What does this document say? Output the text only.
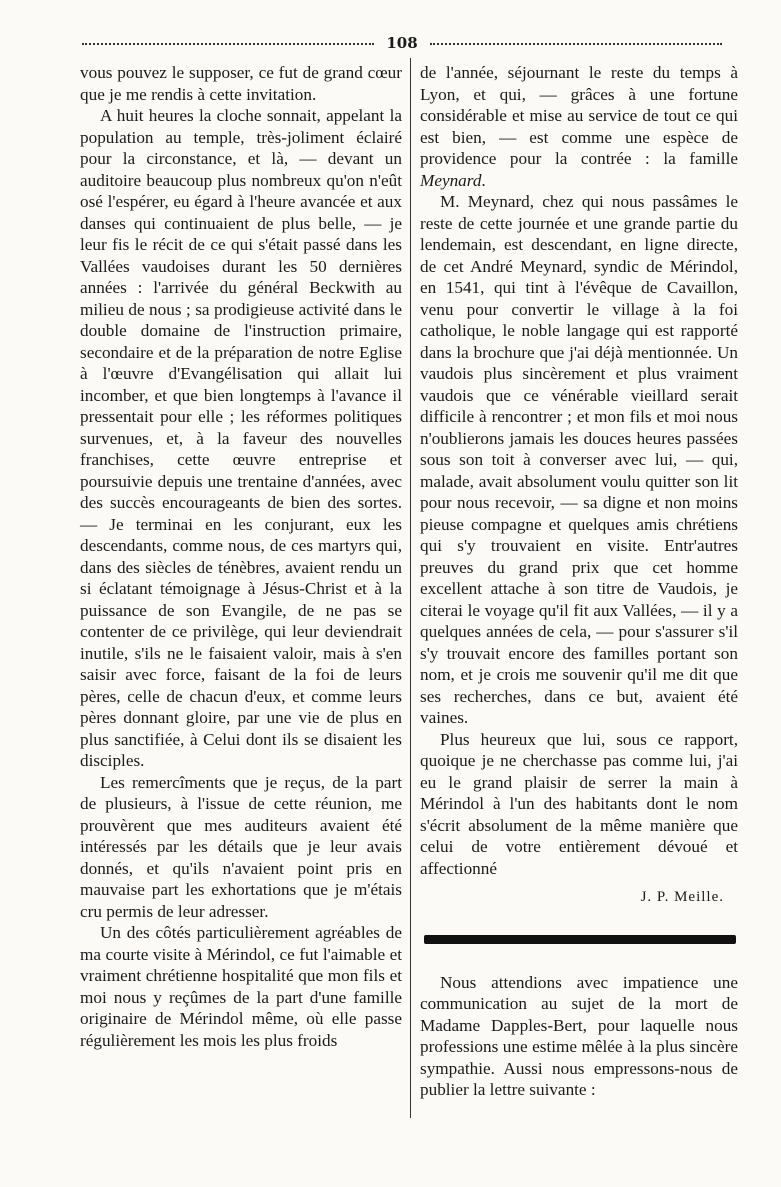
108

vous pouvez le supposer, ce fut de grand cœur que je me rendis à cette invitation.

A huit heures la cloche sonnait, appelant la population au temple, très-joliment éclairé pour la circonstance, et là, — devant un auditoire beaucoup plus nombreux qu'on n'eût osé l'espérer, eu égard à l'heure avancée et aux danses qui continuaient de plus belle, — je leur fis le récit de ce qui s'était passé dans les Vallées vaudoises durant les 50 dernières années : l'arrivée du général Beckwith au milieu de nous ; sa prodigieuse activité dans le double domaine de l'instruction primaire, secondaire et de la préparation de notre Eglise à l'œuvre d'Evangélisation qui allait lui incomber, et que bien longtemps à l'avance il pressentait pour elle ; les réformes politiques survenues, et, à la faveur des nouvelles franchises, cette œuvre entreprise et poursuivie depuis une trentaine d'années, avec des succès encourageants de bien des sortes. — Je terminai en les conjurant, eux les descendants, comme nous, de ces martyrs qui, dans des siècles de ténèbres, avaient rendu un si éclatant témoignage à Jésus-Christ et à la puissance de son Evangile, de ne pas se contenter de ce privilège, qui leur deviendrait inutile, s'ils ne le faisaient valoir, mais à s'en saisir avec force, faisant de la foi de leurs pères, celle de chacun d'eux, et comme leurs pères donnant gloire, par une vie de plus en plus sanctifiée, à Celui dont ils se disaient les disciples.

Les remercîments que je reçus, de la part de plusieurs, à l'issue de cette réunion, me prouvèrent que mes auditeurs avaient été intéressés par les détails que je leur avais donnés, et qu'ils n'avaient point pris en mauvaise part les exhortations que je m'étais cru permis de leur adresser.

Un des côtés particulièrement agréables de ma courte visite à Mérindol, ce fut l'aimable et vraiment chrétienne hospitalité que mon fils et moi nous y reçûmes de la part d'une famille originaire de Mérindol même, où elle passe régulièrement les mois les plus froids

de l'année, séjournant le reste du temps à Lyon, et qui, — grâces à une fortune considérable et mise au service de tout ce qui est bien, — est comme une espèce de providence pour la contrée : la famille Meynard.

M. Meynard, chez qui nous passâmes le reste de cette journée et une grande partie du lendemain, est descendant, en ligne directe, de cet André Meynard, syndic de Mérindol, en 1541, qui tint à l'évêque de Cavaillon, venu pour convertir le village à la foi catholique, le noble langage qui est rapporté dans la brochure que j'ai déjà mentionnée. Un vaudois plus sincèrement et plus vraiment vaudois que ce vénérable vieillard serait difficile à rencontrer ; et mon fils et moi nous n'oublierons jamais les douces heures passées sous son toit à converser avec lui, — qui, malade, avait absolument voulu quitter son lit pour nous recevoir, — sa digne et non moins pieuse compagne et quelques amis chrétiens qui s'y trouvaient en visite. Entr'autres preuves du grand prix que cet homme excellent attache à son titre de Vaudois, je citerai le voyage qu'il fit aux Vallées, — il y a quelques années de cela, — pour s'assurer s'il s'y trouvait encore des familles portant son nom, et je crois me souvenir qu'il me dit que ses recherches, dans ce but, avaient été vaines.

Plus heureux que lui, sous ce rapport, quoique je ne cherchasse pas comme lui, j'ai eu le grand plaisir de serrer la main à Mérindol à l'un des habitants dont le nom s'écrit absolument de la même manière que celui de votre entièrement dévoué et affectionné

J. P. Meille.

Nous attendions avec impatience une communication au sujet de la mort de Madame Dapples-Bert, pour laquelle nous professions une estime mêlée à la plus sincère sympathie. Aussi nous empressons-nous de publier la lettre suivante :
